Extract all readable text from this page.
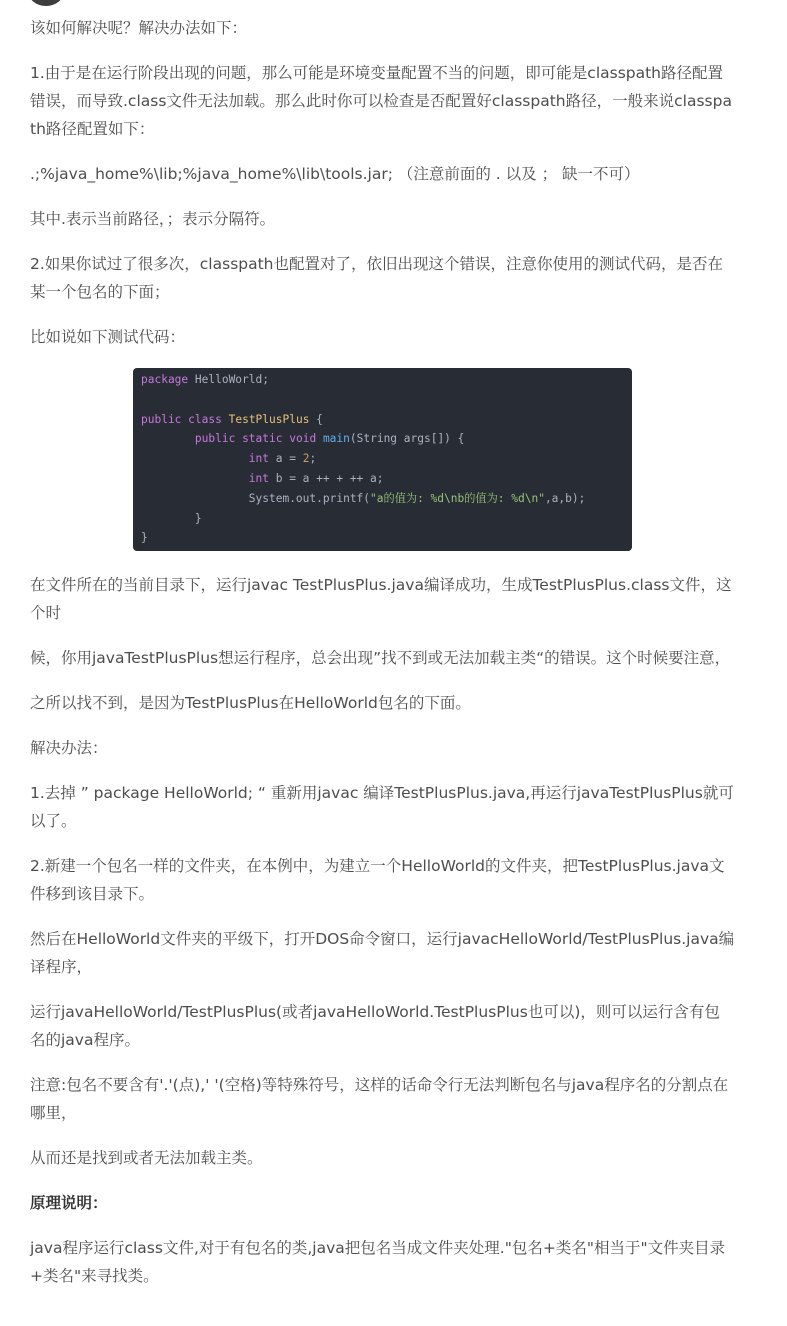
该如何解决呢？解决办法如下：

1.由于是在运行阶段出现的问题，那么可能是环境变量配置不当的问题，即可能是classpath路径配置错误，而导致.class文件无法加载。那么此时你可以检查是否配置好classpath路径，一般来说classpath路径配置如下：

.;%java_home%\lib;%java_home%\lib\tools.jar; （注意前面的 . 以及 ； 缺一不可）

其中.表示当前路径，；表示分隔符。

2.如果你试过了很多次，classpath也配置对了，依旧出现这个错误，注意你使用的测试代码，是否在某一个包名的下面；

比如说如下测试代码：

package HelloWorld;
public class TestPlusPlus {
public static void main(String args[]) {
int a = 2;
int b = a ++ + ++ a;
System.out.printf("a的值为: %d\nb的值为: %d\n",a,b);
}
}

在文件所在的当前目录下，运行javac TestPlusPlus.java编译成功，生成TestPlusPlus.class文件，这个时

候，你用javaTestPlusPlus想运行程序，总会出现”找不到或无法加载主类“的错误。这个时候要注意，

之所以找不到，是因为TestPlusPlus在HelloWorld包名的下面。

解决办法：

1.去掉 ” package HelloWorld; “ 重新用javac 编译TestPlusPlus.java,再运行javaTestPlusPlus就可以了。

2.新建一个包名一样的文件夹，在本例中，为建立一个HelloWorld的文件夹，把TestPlusPlus.java文件移到该目录下。

然后在HelloWorld文件夹的平级下，打开DOS命令窗口，运行javacHelloWorld/TestPlusPlus.java编译程序，

运行javaHelloWorld/TestPlusPlus(或者javaHelloWorld.TestPlusPlus也可以)，则可以运行含有包名的java程序。

注意:包名不要含有'.'(点),' '(空格)等特殊符号，这样的话命令行无法判断包名与java程序名的分割点在哪里，

从而还是找到或者无法加载主类。

原理说明：

java程序运行class文件,对于有包名的类,java把包名当成文件夹处理."包名+类名"相当于"文件夹目录+类名"来寻找类。
